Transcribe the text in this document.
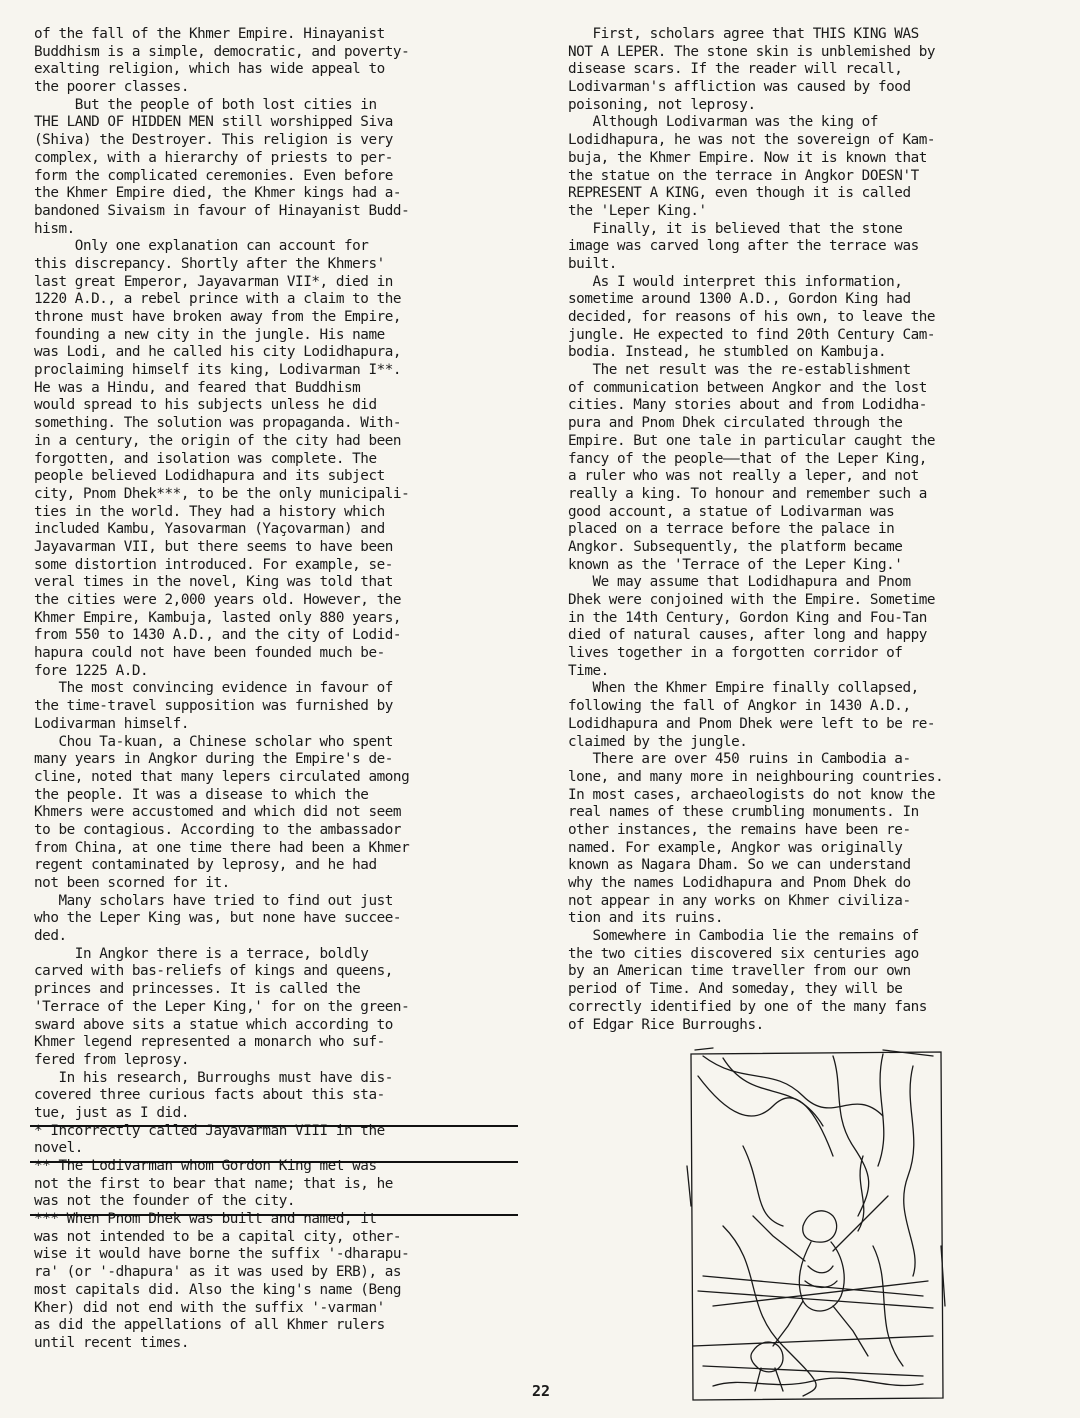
of the fall of the Khmer Empire. Hinayanist
Buddhism is a simple, democratic, and poverty-
exalting religion, which has wide appeal to
the poorer classes.
But the people of both lost cities in
THE LAND OF HIDDEN MEN still worshipped Siva
(Shiva) the Destroyer. This religion is very
complex, with a hierarchy of priests to per-
form the complicated ceremonies. Even before
the Khmer Empire died, the Khmer kings had a-
bandoned Sivaism in favour of Hinayanist Budd-
hism.
Only one explanation can account for
this discrepancy. Shortly after the Khmers'
last great Emperor, Jayavarman VII*, died in
1220 A.D., a rebel prince with a claim to the
throne must have broken away from the Empire,
founding a new city in the jungle. His name
was Lodi, and he called his city Lodidhapura,
proclaiming himself its king, Lodivarman I**.
He was a Hindu, and feared that Buddhism
would spread to his subjects unless he did
something. The solution was propaganda. With-
in a century, the origin of the city had been
forgotten, and isolation was complete. The
people believed Lodidhapura and its subject
city, Pnom Dhek***, to be the only municipali-
ties in the world. They had a history which
included Kambu, Yasovarman (Yaçovarman) and
Jayavarman VII, but there seems to have been
some distortion introduced. For example, se-
veral times in the novel, King was told that
the cities were 2,000 years old. However, the
Khmer Empire, Kambuja, lasted only 880 years,
from 550 to 1430 A.D., and the city of Lodid-
hapura could not have been founded much be-
fore 1225 A.D.
The most convincing evidence in favour of
the time-travel supposition was furnished by
Lodivarman himself.
Chou Ta-kuan, a Chinese scholar who spent
many years in Angkor during the Empire's de-
cline, noted that many lepers circulated among
the people. It was a disease to which the
Khmers were accustomed and which did not seem
to be contagious. According to the ambassador
from China, at one time there had been a Khmer
regent contaminated by leprosy, and he had
not been scorned for it.
Many scholars have tried to find out just
who the Leper King was, but none have succee-
ded.
In Angkor there is a terrace, boldly
carved with bas-reliefs of kings and queens,
princes and princesses. It is called the
'Terrace of the Leper King,' for on the green-
sward above sits a statue which according to
Khmer legend represented a monarch who suf-
fered from leprosy.
In his research, Burroughs must have dis-
covered three curious facts about this sta-
tue, just as I did.
* Incorrectly called Jayavarman VIII in the
novel.
** The Lodivarman whom Gordon King met was
not the first to bear that name; that is, he
was not the founder of the city.
*** When Pnom Dhek was built and named, it
was not intended to be a capital city, other-
wise it would have borne the suffix '-dharapu-
ra' (or '-dhapura' as it was used by ERB), as
most capitals did. Also the king's name (Beng
Kher) did not end with the suffix '-varman'
as did the appellations of all Khmer rulers
until recent times.
First, scholars agree that THIS KING WAS
NOT A LEPER. The stone skin is unblemished by
disease scars. If the reader will recall,
Lodivarman's affliction was caused by food
poisoning, not leprosy.
Although Lodivarman was the king of
Lodidhapura, he was not the sovereign of Kam-
buja, the Khmer Empire. Now it is known that
the statue on the terrace in Angkor DOESN'T
REPRESENT A KING, even though it is called
the 'Leper King.'
Finally, it is believed that the stone
image was carved long after the terrace was
built.
As I would interpret this information,
sometime around 1300 A.D., Gordon King had
decided, for reasons of his own, to leave the
jungle. He expected to find 20th Century Cam-
bodia. Instead, he stumbled on Kambuja.
The net result was the re-establishment
of communication between Angkor and the lost
cities. Many stories about and from Lodidha-
pura and Pnom Dhek circulated through the
Empire. But one tale in particular caught the
fancy of the people——that of the Leper King,
a ruler who was not really a leper, and not
really a king. To honour and remember such a
good account, a statue of Lodivarman was
placed on a terrace before the palace in
Angkor. Subsequently, the platform became
known as the 'Terrace of the Leper King.'
We may assume that Lodidhapura and Pnom
Dhek were conjoined with the Empire. Sometime
in the 14th Century, Gordon King and Fou-Tan
died of natural causes, after long and happy
lives together in a forgotten corridor of
Time.
When the Khmer Empire finally collapsed,
following the fall of Angkor in 1430 A.D.,
Lodidhapura and Pnom Dhek were left to be re-
claimed by the jungle.
There are over 450 ruins in Cambodia a-
lone, and many more in neighbouring countries.
In most cases, archaeologists do not know the
real names of these crumbling monuments. In
other instances, the remains have been re-
named. For example, Angkor was originally
known as Nagara Dham. So we can understand
why the names Lodidhapura and Pnom Dhek do
not appear in any works on Khmer civiliza-
tion and its ruins.
Somewhere in Cambodia lie the remains of
the two cities discovered six centuries ago
by an American time traveller from our own
period of Time. And someday, they will be
correctly identified by one of the many fans
of Edgar Rice Burroughs.
22
